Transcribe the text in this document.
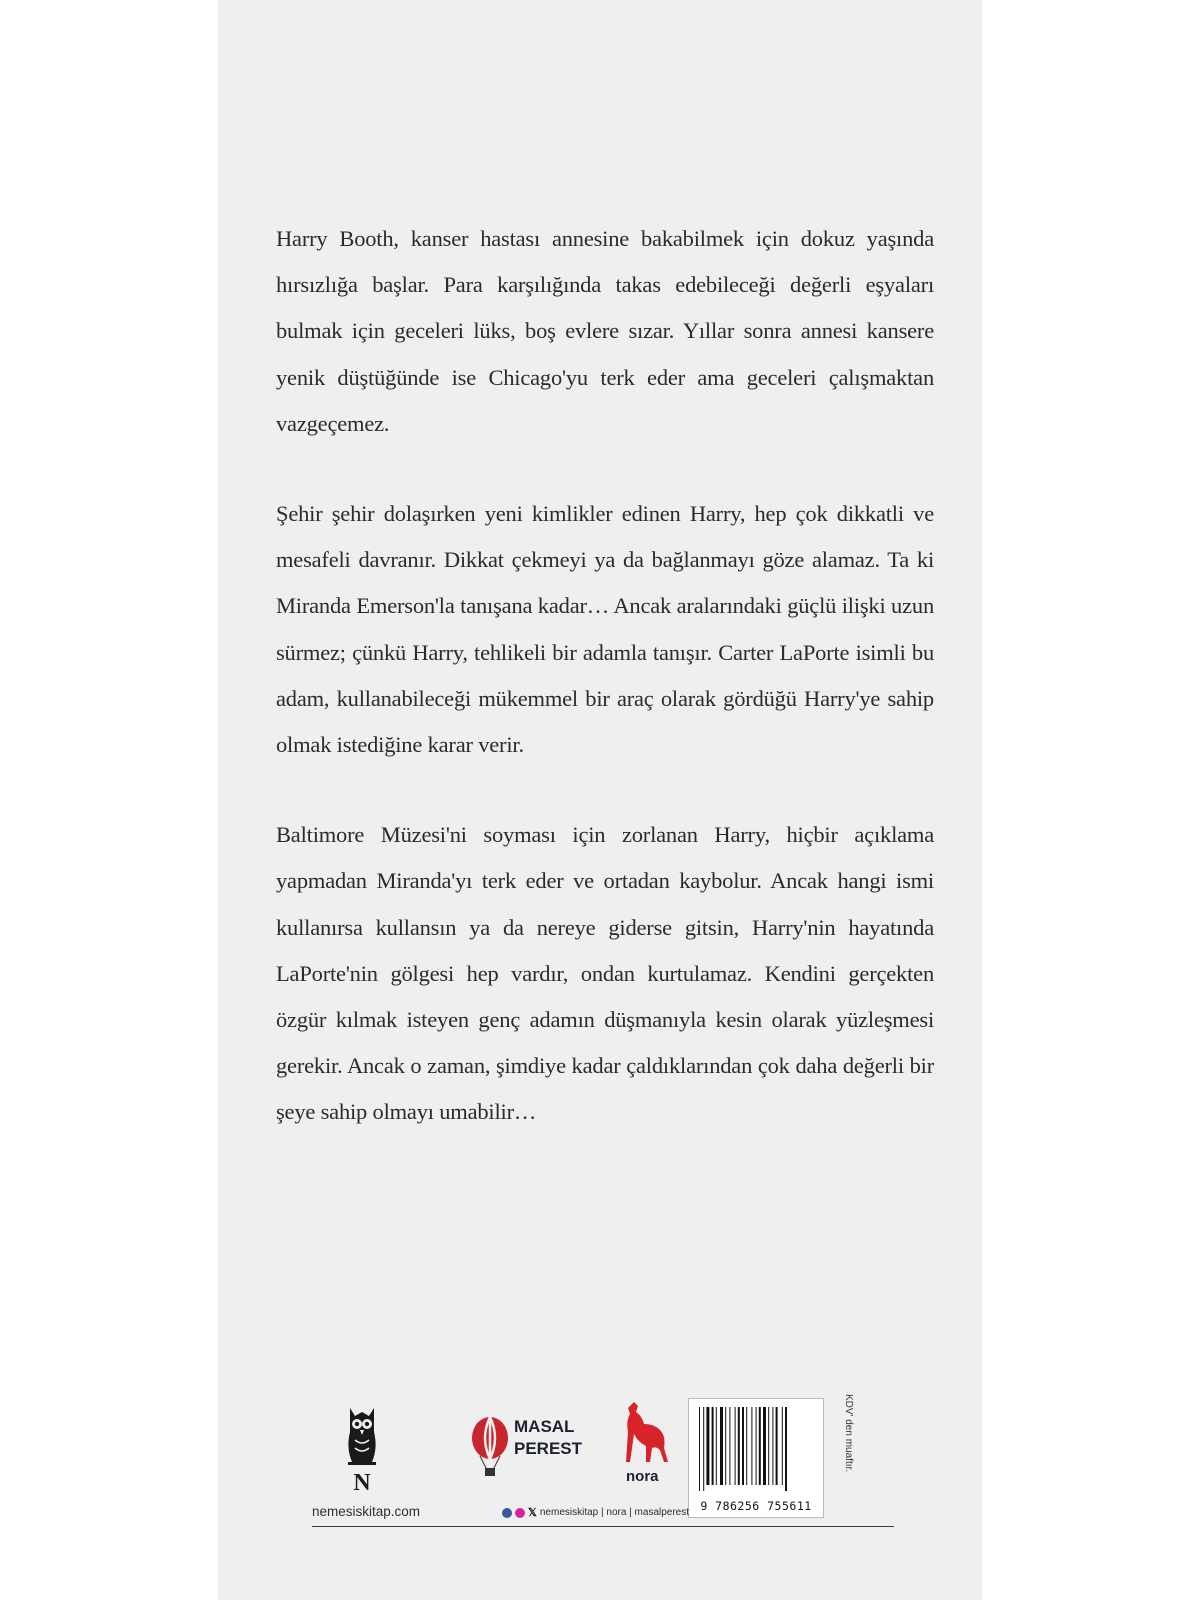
Harry Booth, kanser hastası annesine bakabilmek için dokuz yaşında hırsızlığa başlar. Para karşılığında takas edebileceği değerli eşyaları bulmak için geceleri lüks, boş evlere sızar. Yıllar sonra annesi kansere yenik düştüğünde ise Chicago'yu terk eder ama geceleri çalışmaktan vazgeçemez.

Şehir şehir dolaşırken yeni kimlikler edinen Harry, hep çok dikkatli ve mesafeli davranır. Dikkat çekmeyi ya da bağlanmayı göze alamaz. Ta ki Miranda Emerson'la tanışana kadar… Ancak aralarındaki güçlü ilişki uzun sürmez; çünkü Harry, tehlikeli bir adamla tanışır. Carter LaPorte isimli bu adam, kullanabileceği mükemmel bir araç olarak gördüğü Harry'ye sahip olmak istediğine karar verir.

Baltimore Müzesi'ni soyması için zorlanan Harry, hiçbir açıklama yapmadan Miranda'yı terk eder ve ortadan kaybolur. Ancak hangi ismi kullanırsa kullansın ya da nereye giderse gitsin, Harry'nin hayatında LaPorte'nin gölgesi hep vardır, ondan kurtulamaz. Kendini gerçekten özgür kılmak isteyen genç adamın düşmanıyla kesin olarak yüzleşmesi gerekir. Ancak o zaman, şimdiye kadar çaldıklarından çok daha değerli bir şeye sahip olmayı umabilir…

N
MASAL
PEREST
nora
9 786256 755611
KDV' den muaftır.
nemesiskitap.com	𝕏 nemesiskitap | nora | masalperest
